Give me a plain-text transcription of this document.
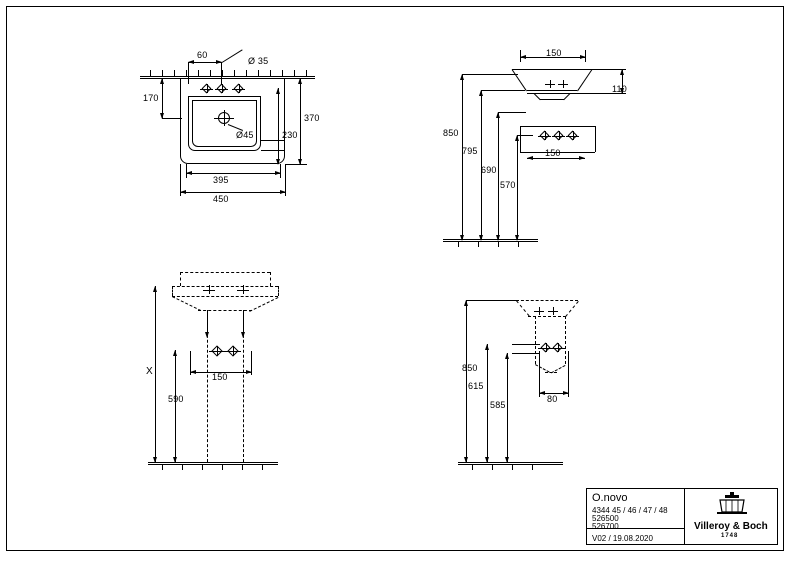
Ø 35
60
170
370
230
Ø45
395
450
150
110
150
850
795
690
570
150
X
590	80
850
615
585
O.novo
4344 45 / 46 / 47 / 48
526500
526700
V02 / 19.08.2020
Villeroy & Boch
1748
